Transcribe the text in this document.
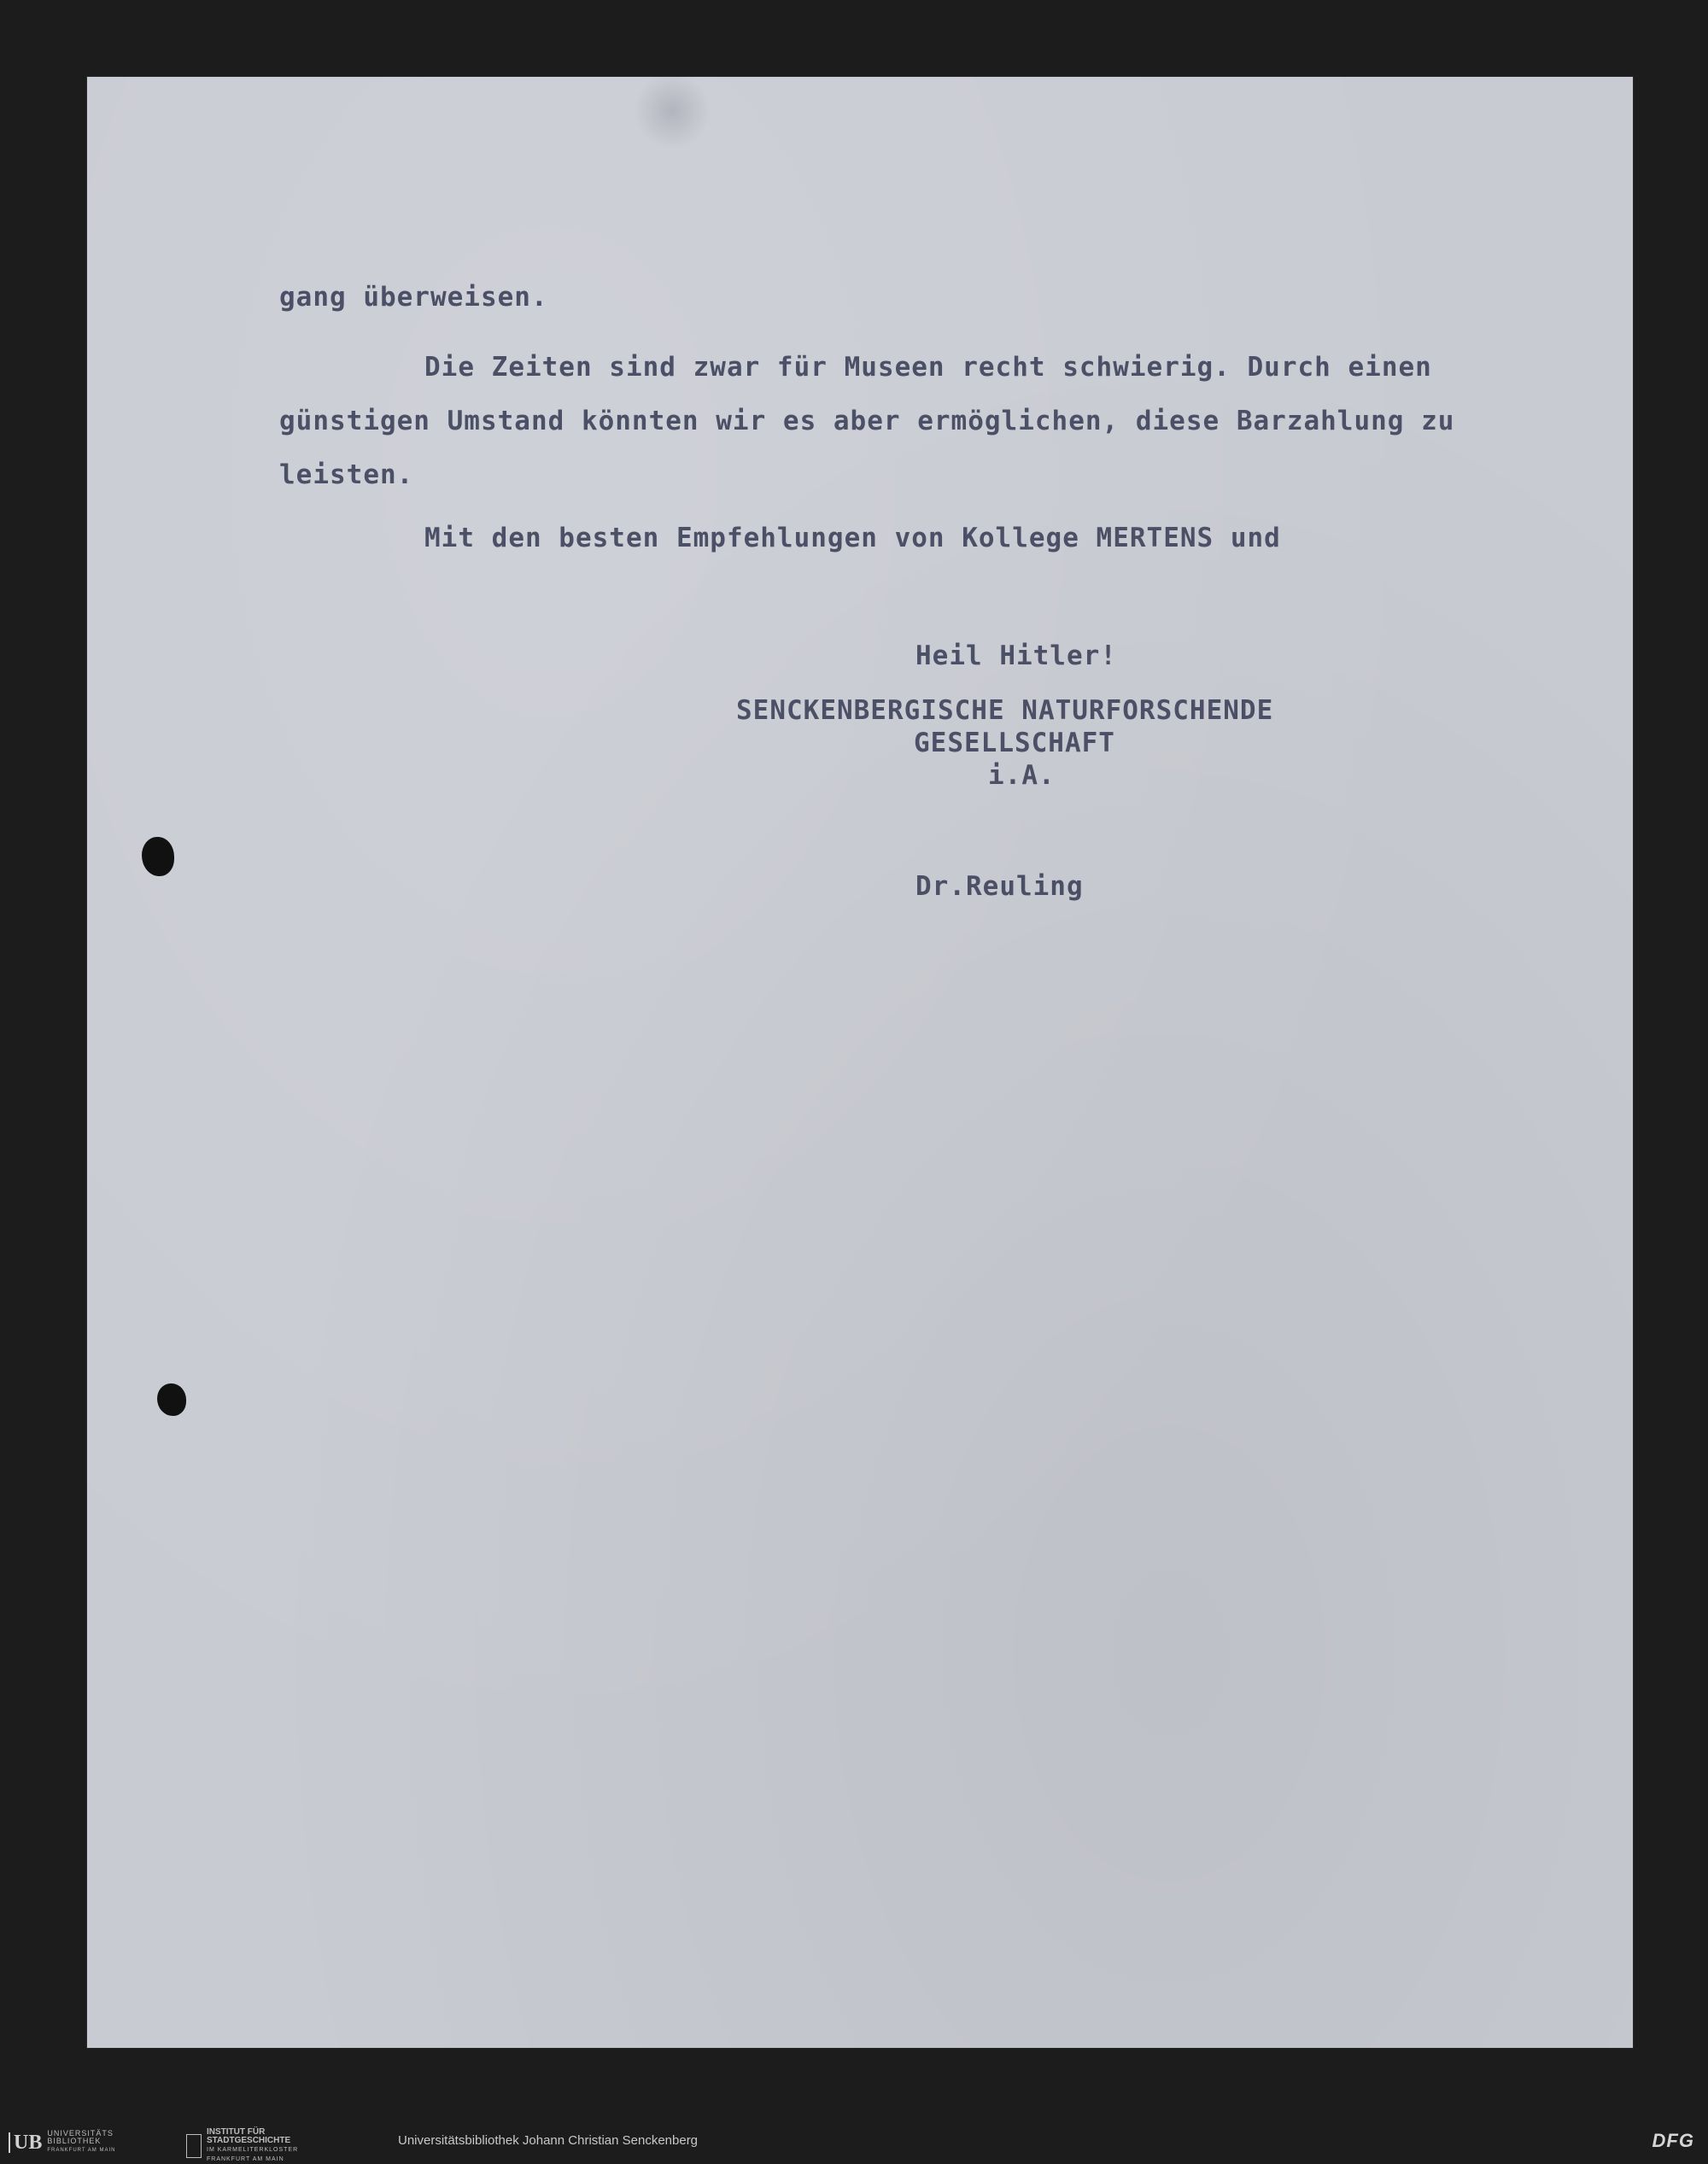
gang überweisen.
Die Zeiten sind zwar für Museen recht schwierig. Durch einen
günstigen Umstand könnten wir es aber ermöglichen, diese Barzahlung zu
leisten.
Mit den besten Empfehlungen von Kollege MERTENS und
Heil Hitler!
SENCKENBERGISCHE NATURFORSCHENDE
GESELLSCHAFT
i.A.
Dr.Reuling
UB UNIVERSITÄTS
BIBLIOTHEK
FRANKFURT AM MAIN
INSTITUT FÜR
STADTGESCHICHTE
IM KARMELITERKLOSTER
FRANKFURT AM MAIN
Universitätsbibliothek Johann Christian Senckenberg	DFG
